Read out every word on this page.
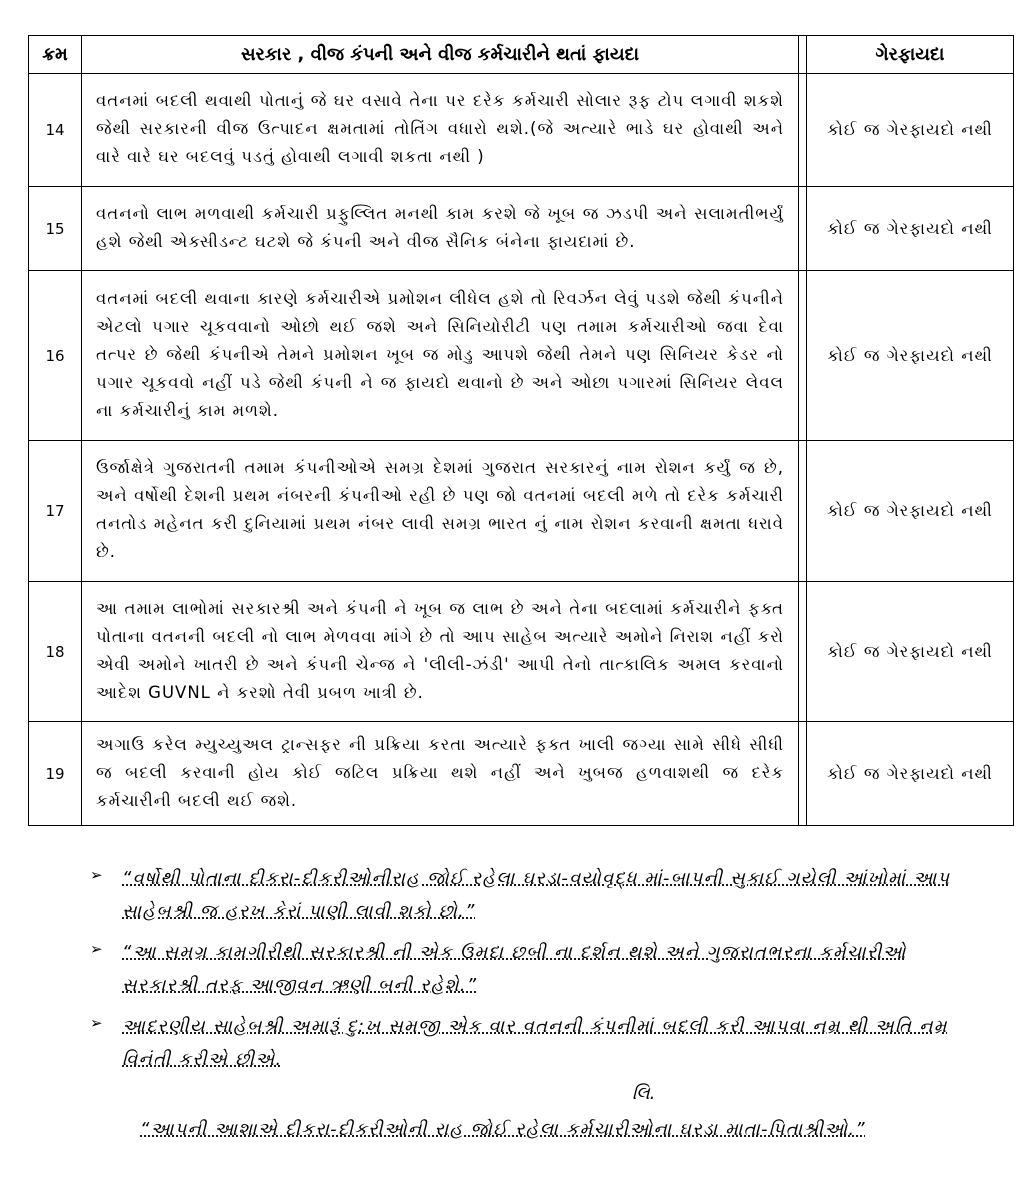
ક્રમ	સરકાર , વીજ કંપની અને વીજ કર્મચારીને થતાં ફાયદા		ગેરફાયદા
14	વતનમાં બદલી થવાથી પોતાનું જે ઘર વસાવે તેના પર દરેક કર્મચારી સોલાર રૂફ ટોપ લગાવી શકશે જેથી સરકારની વીજ ઉત્પાદન ક્ષમતામાં તોતિંગ વધારો થશે.(જે અત્યારે ભાડે ઘર હોવાથી અને વારે વારે ઘર બદલવું પડતું હોવાથી લગાવી શકતા નથી )		કોઈ જ ગેરફાયદો નથી
15	વતનનો લાભ મળવાથી કર્મચારી પ્રફુલ્લિત મનથી કામ કરશે જે ખૂબ જ ઝડપી અને સલામતીભર્યું હશે જેથી એક્સીડન્ટ ઘટશે જે કંપની અને વીજ સૈનિક બંનેના ફાયદામાં છે.		કોઈ જ ગેરફાયદો નથી
16	વતનમાં બદલી થવાના કારણે કર્મચારીએ પ્રમોશન લીધેલ હશે તો રિવર્ઝન લેવું પડશે જેથી કંપનીને એટલો પગાર ચૂકવવાનો ઓછો થઈ જશે અને સિનિયોરીટી પણ તમામ કર્મચારીઓ જવા દેવા તત્પર છે જેથી કંપનીએ તેમને પ્રમોશન ખૂબ જ મોડુ આપશે જેથી તેમને પણ સિનિયર કેડર નો પગાર ચૂકવવો નહીં પડે જેથી કંપની ને જ ફાયદો થવાનો છે અને ઓછા પગારમાં સિનિયર લેવલ ના કર્મચારીનું કામ મળશે.		કોઈ જ ગેરફાયદો નથી
17	ઉર્જાક્ષેત્રે ગુજરાતની તમામ કંપનીઓએ સમગ્ર દેશમાં ગુજરાત સરકારનું નામ રોશન કર્યું જ છે, અને વર્ષોથી દેશની પ્રથમ નંબરની કંપનીઓ રહી છે પણ જો વતનમાં બદલી મળે તો દરેક કર્મચારી તનતોડ મહેનત કરી દુનિયામાં પ્રથમ નંબર લાવી સમગ્ર ભારત નું નામ રોશન કરવાની ક્ષમતા ધરાવે છે.		કોઈ જ ગેરફાયદો નથી
18	આ તમામ લાભોમાં સરકારશ્રી અને કંપની ને ખૂબ જ લાભ છે અને તેના બદલામાં કર્મચારીને ફક્ત પોતાના વતનની બદલી નો લાભ મેળવવા માંગે છે તો આપ સાહેબ અત્યારે અમોને નિરાશ નહીં કરો એવી અમોને ખાતરી છે અને કંપની ચેન્જ ને 'લીલી-ઝંડી' આપી તેનો તાત્કાલિક અમલ કરવાનો આદેશ GUVNL ને કરશો તેવી પ્રબળ ખાત્રી છે.		કોઈ જ ગેરફાયદો નથી
19	અગાઉ કરેલ મ્યુચ્યુઅલ ટ્રાન્સફર ની પ્રક્રિયા કરતા અત્યારે ફક્ત ખાલી જગ્યા સામે સીધે સીધી જ બદલી કરવાની હોય કોઈ જટિલ પ્રક્રિયા થશે નહીં અને ખુબજ હળવાશથી જ દરેક કર્મચારીની બદલી થઈ જશે.		કોઈ જ ગેરફાયદો નથી
➢ “વર્ષોથી પોતાના દીકરા-દીકરીઓનીરાહ જોઈ રહેલા ઘરડા-વયોવૃદ્ધ માં-બાપની સુકાઈ ગયેલી આંખોમાં આપ સાહેબશ્રી જ હરખ કેરાં પાણી લાવી શકો છો.”
➢ “આ સમગ્ર કામગીરીથી સરકારશ્રી ની એક ઉમદા છબી ના દર્શન થશે અને ગુજરાતભરના કર્મચારીઓ સરકારશ્રી તરફ આજીવન ઋણી બની રહેશે.”
➢ આદરણીય સાહેબશ્રી અમારૂં દુ:ખ સમજી એક વાર વતનની કંપનીમાં બદલી કરી આપવા નમ્ર થી અતિ નમ્ર વિનંતી કરીએ છીએ.
લિ.
“આપની આશાએ દીકરા-દીકરીઓની રાહ જોઈ રહેલા કર્મચારીઓના ઘરડા માતા-પિતાશ્રીઓ.”
